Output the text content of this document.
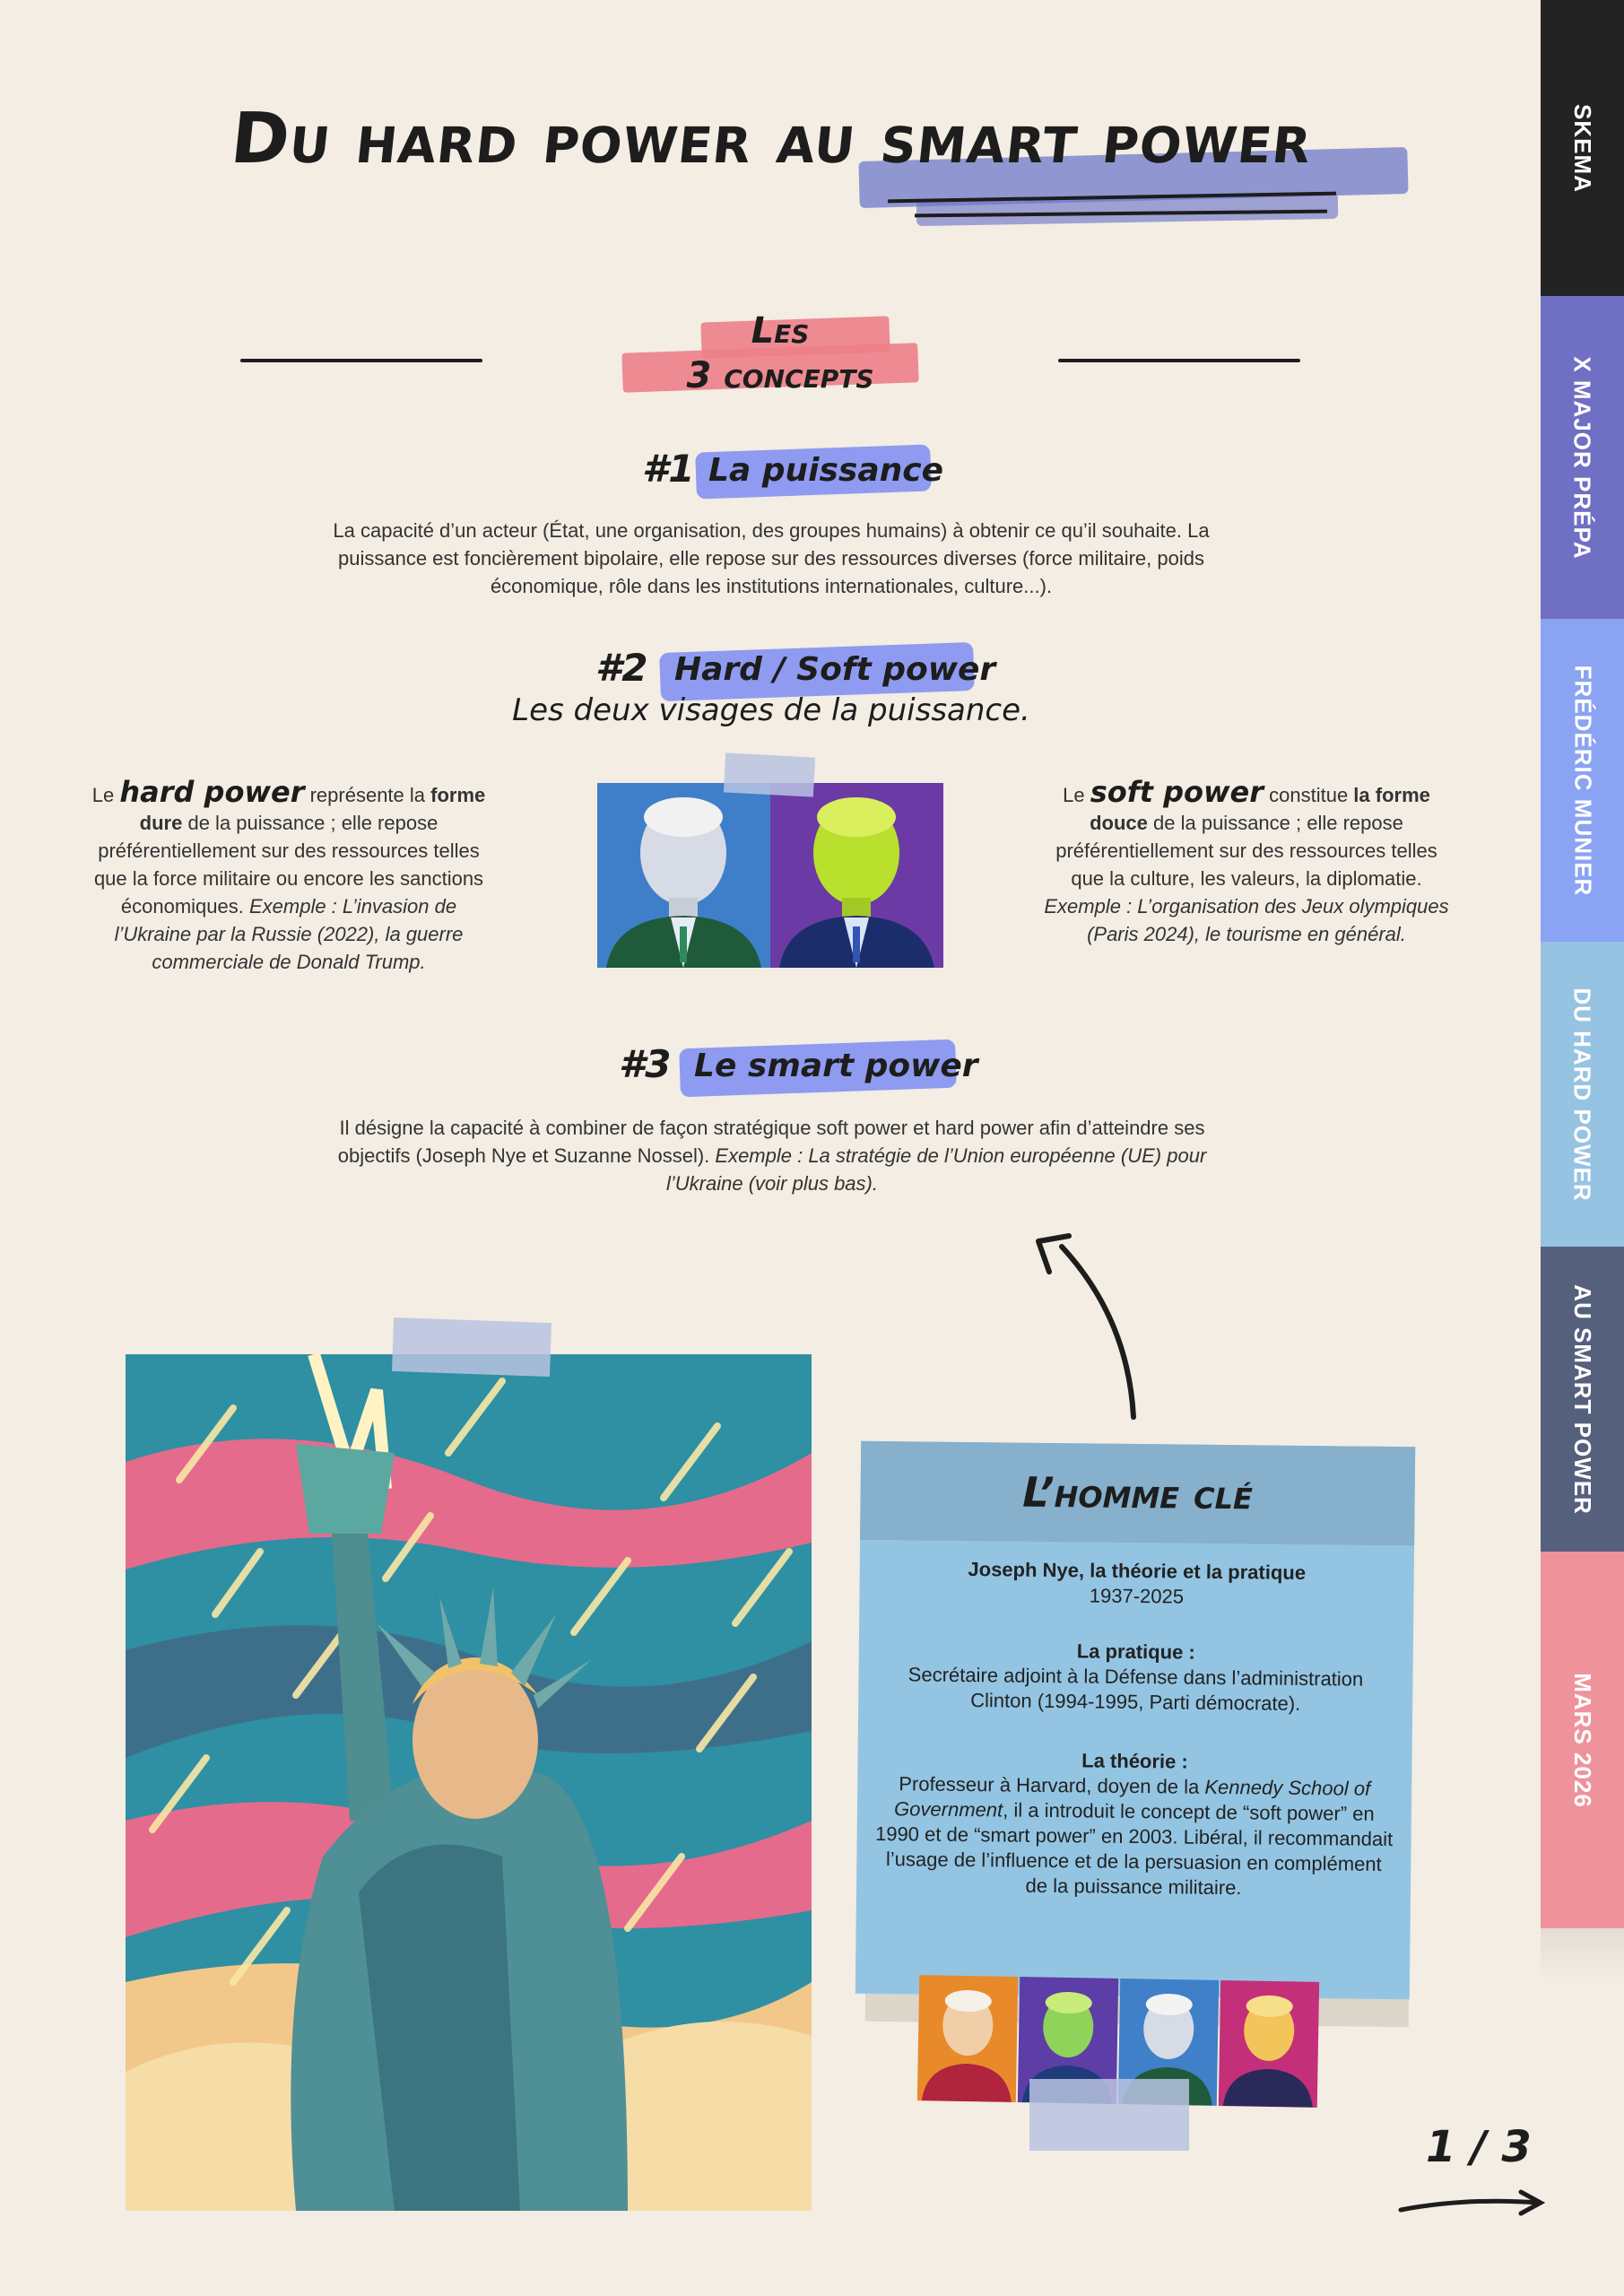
Du hard power au smart power
Les
3 concepts
#1 La puissance
La capacité d’un acteur (État, une organisation, des groupes humains) à obtenir ce qu’il souhaite. La puissance est foncièrement bipolaire, elle repose sur des ressources diverses (force militaire, poids économique, rôle dans les institutions internationales, culture...).
#2 Hard / Soft power
Les deux visages de la puissance.
Le hard power représente la forme dure de la puissance ; elle repose préférentiellement sur des ressources telles que la force militaire ou encore les sanctions économiques. Exemple : L’invasion de l’Ukraine par la Russie (2022), la guerre commerciale de Donald Trump.
Le soft power constitue la forme douce de la puissance ; elle repose préférentiellement sur des ressources telles que la culture, les valeurs, la diplomatie. Exemple : L’organisation des Jeux olympiques (Paris 2024), le tourisme en général.
#3 Le smart power
Il désigne la capacité à combiner de façon stratégique soft power et hard power afin d’atteindre ses objectifs (Joseph Nye et Suzanne Nossel). Exemple : La stratégie de l’Union européenne (UE) pour l’Ukraine (voir plus bas).
L’homme clé
Joseph Nye, la théorie et la pratique
1937-2025
La pratique :
Secrétaire adjoint à la Défense dans l’administration Clinton (1994-1995, Parti démocrate).
La théorie :
Professeur à Harvard, doyen de la Kennedy School of Government, il a introduit le concept de “soft power” en 1990 et de “smart power” en 2003. Libéral, il recommandait l’usage de l’influence et de la persuasion en complément de la puissance militaire.
1 / 3
SKEMA
X MAJOR PRÉPA
FRÉDÉRIC MUNIER
DU HARD POWER
AU SMART POWER
MARS 2026
